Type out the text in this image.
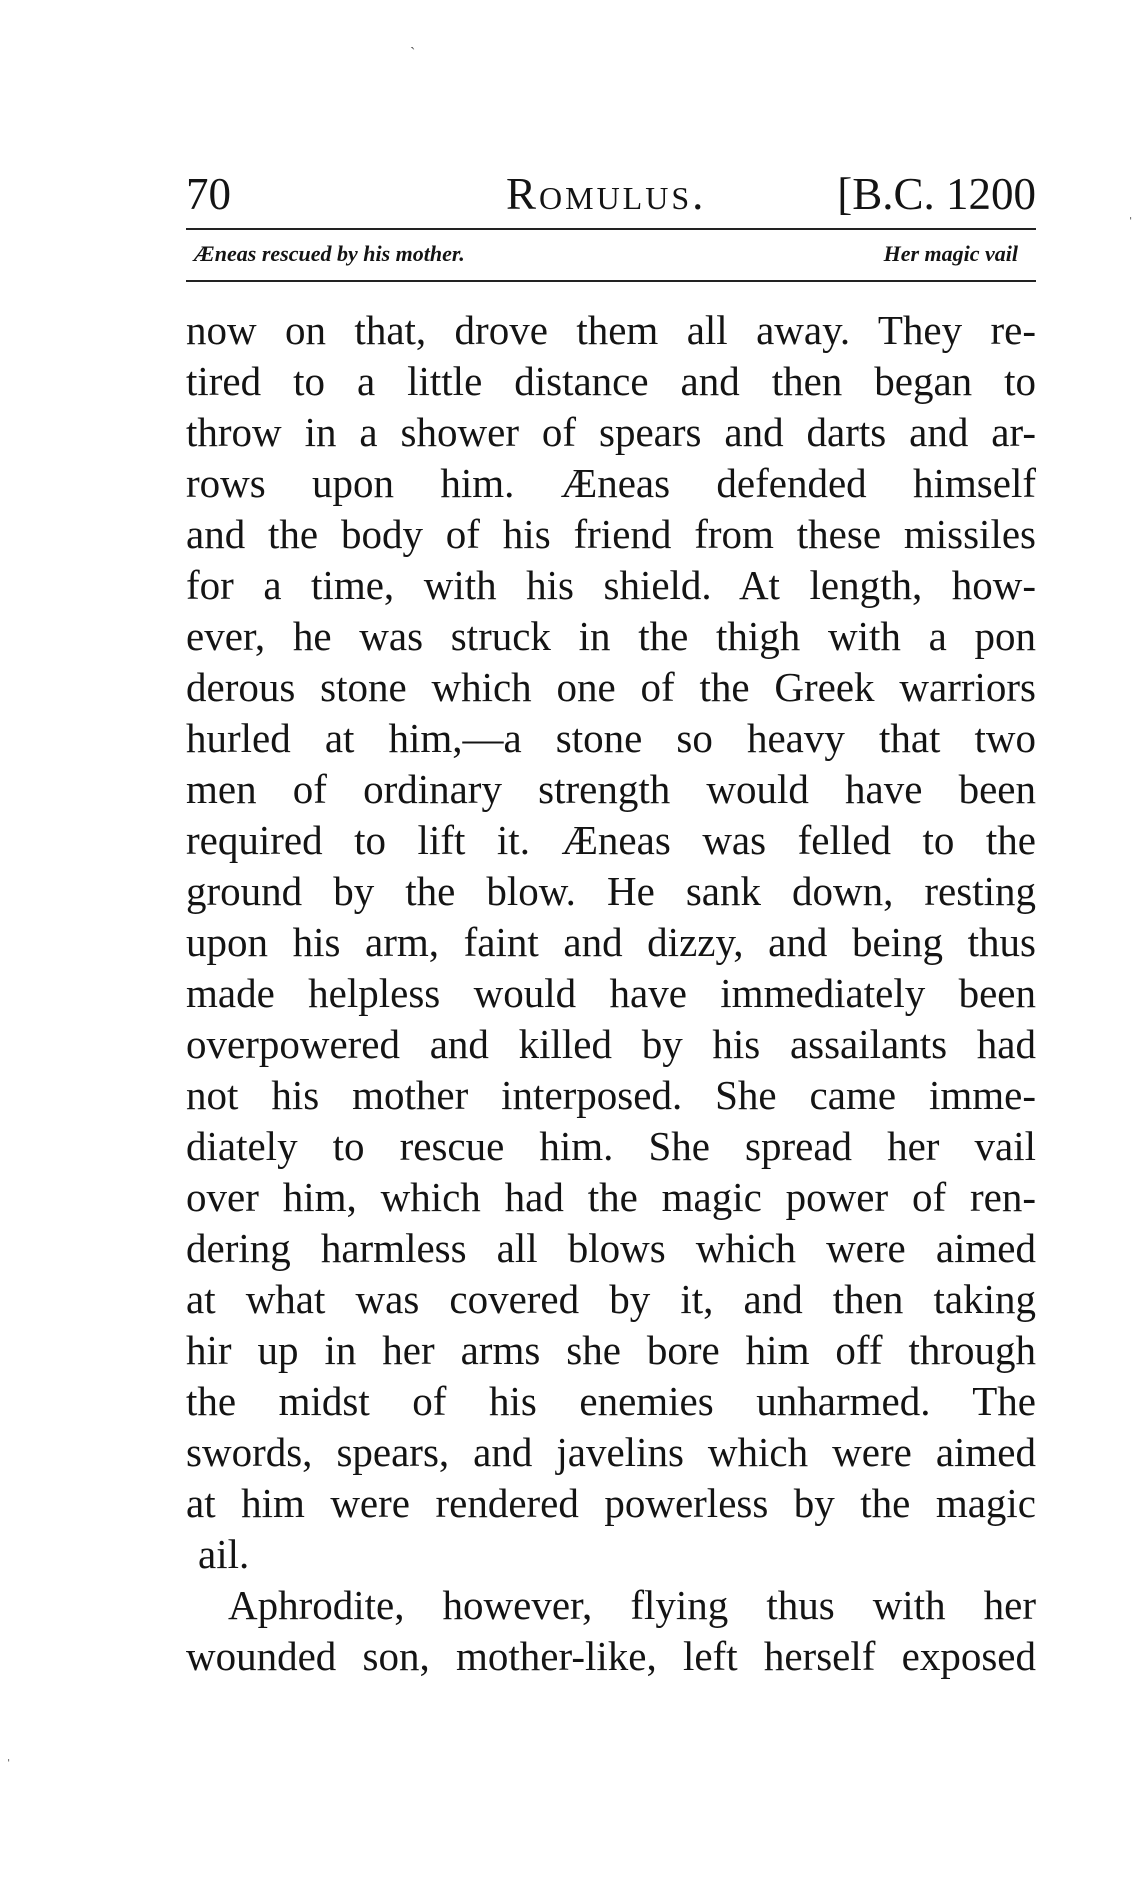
ˎ
ˈ
ˌ
70	Romulus.	[B.C. 1200
Æneas rescued by his mother.	Her magic vail
now on that, drove them all away. They re-
tired to a little distance and then began to
throw in a shower of spears and darts and ar-
rows upon him. Æneas defended himself
and the body of his friend from these missiles
for a time, with his shield. At length, how-
ever, he was struck in the thigh with a pon
derous stone which one of the Greek warriors
hurled at him,—a stone so heavy that two
men of ordinary strength would have been
required to lift it. Æneas was felled to the
ground by the blow. He sank down, resting
upon his arm, faint and dizzy, and being thus
made helpless would have immediately been
overpowered and killed by his assailants had
not his mother interposed. She came imme-
diately to rescue him. She spread her vail
over him, which had the magic power of ren-
dering harmless all blows which were aimed
at what was covered by it, and then taking
hir up in her arms she bore him off through
the midst of his enemies unharmed. The
swords, spears, and javelins which were aimed
at him were rendered powerless by the magic
ail.
Aphrodite, however, flying thus with her
wounded son, mother-like, left herself exposed
